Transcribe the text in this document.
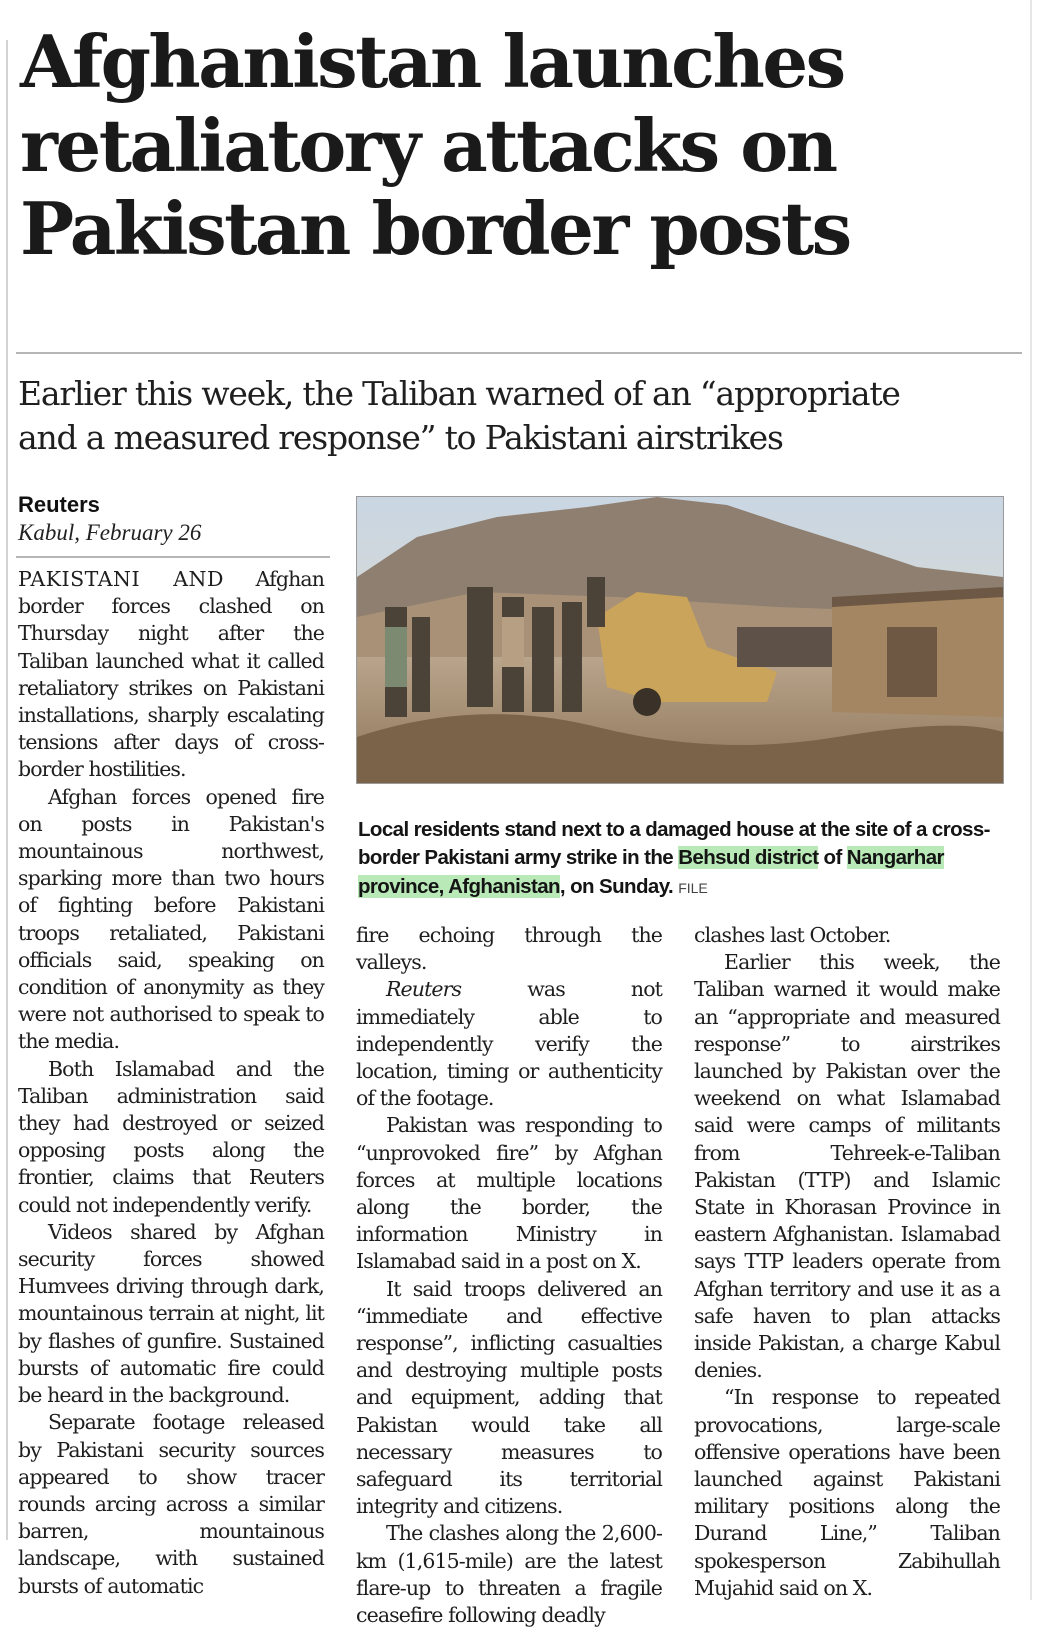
Afghanistan launches
retaliatory attacks on
Pakistan border posts
Earlier this week, the Taliban warned of an “appropriate
and a measured response” to Pakistani airstrikes
Reuters
Kabul, February 26
Local residents stand next to a damaged house at the site of a cross-border Pakistani army strike in the Behsud district of Nangarhar province, Afghanistan, on Sunday. FILE

PAKISTANI AND Afghan border forces clashed on Thursday night after the Taliban launched what it called retaliatory strikes on Pakistani installations, sharply escalating tensions after days of cross-border hostilities.

Afghan forces opened fire on posts in Pakistan's mountainous northwest, sparking more than two hours of fighting before Pakistani troops retaliated, Pakistani officials said, speaking on condition of anonymity as they were not authorised to speak to the media.

Both Islamabad and the Taliban administration said they had destroyed or seized opposing posts along the frontier, claims that Reuters could not independently verify.

Videos shared by Afghan security forces showed Humvees driving through dark, mountainous terrain at night, lit by flashes of gunfire. Sustained bursts of automatic fire could be heard in the background.

Separate footage released by Pakistani security sources appeared to show tracer rounds arcing across a similar barren, mountainous landscape, with sustained bursts of automatic

fire echoing through the valleys.

Reuters was not immediately able to independently verify the location, timing or authenticity of the footage.

Pakistan was responding to “unprovoked fire” by Afghan forces at multiple locations along the border, the information Ministry in Islamabad said in a post on X.

It said troops delivered an “immediate and effective response”, inflicting casualties and destroying multiple posts and equipment, adding that Pakistan would take all necessary measures to safeguard its territorial integrity and citizens.

The clashes along the 2,600-km (1,615-mile) are the latest flare-up to threaten a fragile ceasefire following deadly

clashes last October.

Earlier this week, the Taliban warned it would make an “appropriate and measured response” to airstrikes launched by Pakistan over the weekend on what Islamabad said were camps of militants from Tehreek-e-Taliban Pakistan (TTP) and Islamic State in Khorasan Province in eastern Afghanistan. Islamabad says TTP leaders operate from Afghan territory and use it as a safe haven to plan attacks inside Pakistan, a charge Kabul denies.

“In response to repeated provocations, large-scale offensive operations have been launched against Pakistani military positions along the Durand Line,” Taliban spokesperson Zabihullah Mujahid said on X.
